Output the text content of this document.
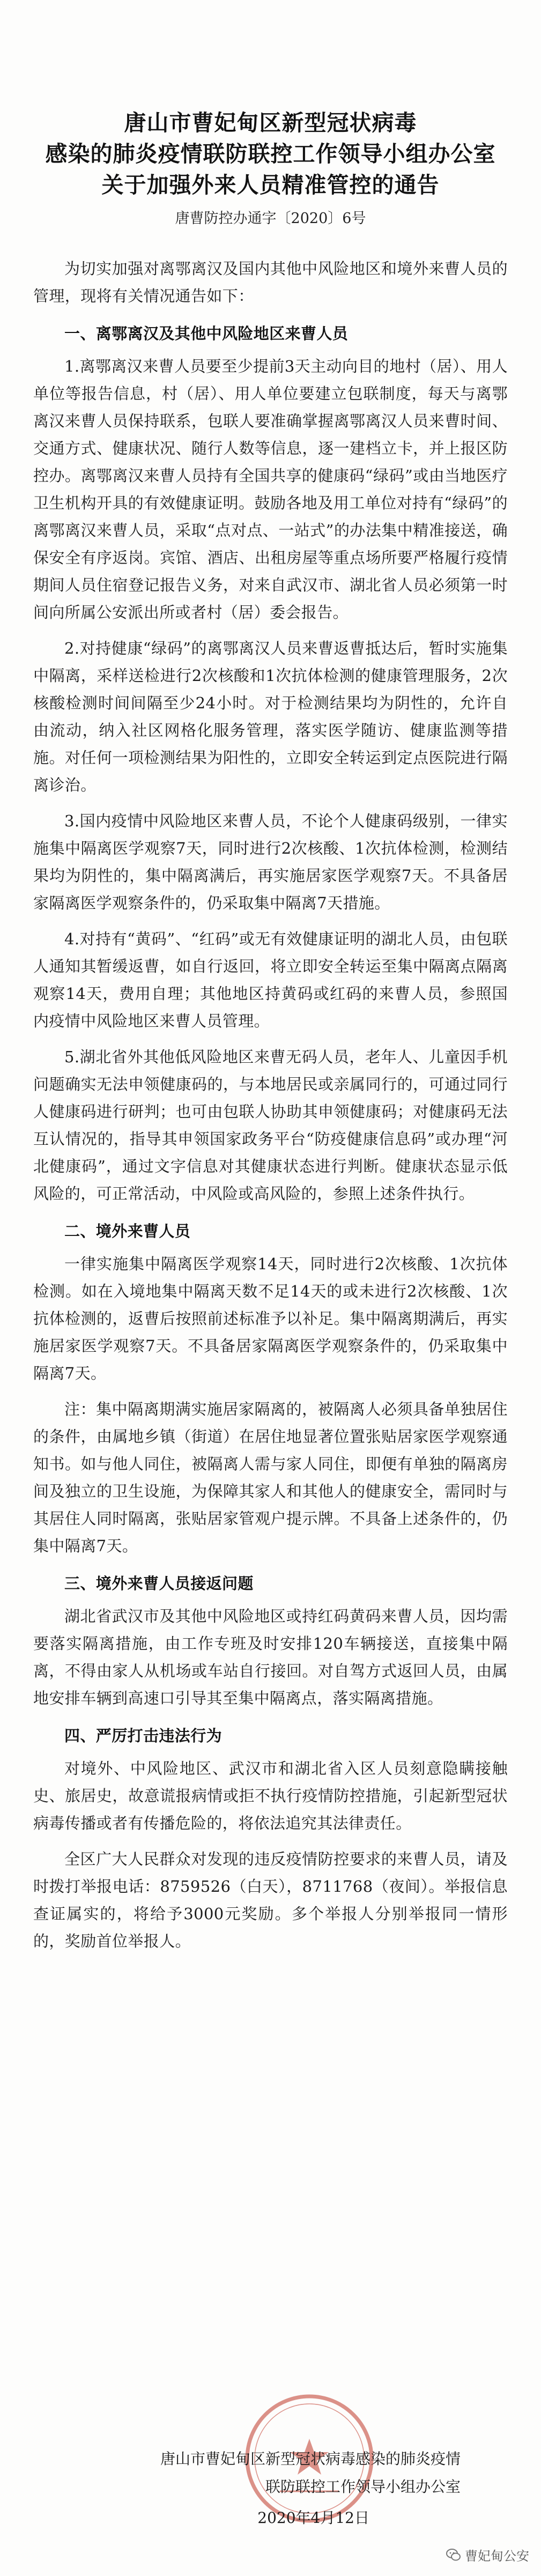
唐山市曹妃甸区新型冠状病毒
感染的肺炎疫情联防联控工作领导小组办公室
关于加强外来人员精准管控的通告
唐曹防控办通字〔2020〕6号

为切实加强对离鄂离汉及国内其他中风险地区和境外来曹人员的管理，现将有关情况通告如下：

一、离鄂离汉及其他中风险地区来曹人员

1.离鄂离汉来曹人员要至少提前3天主动向目的地村（居）、用人单位等报告信息，村（居）、用人单位要建立包联制度，每天与离鄂离汉来曹人员保持联系，包联人要准确掌握离鄂离汉人员来曹时间、交通方式、健康状况、随行人数等信息，逐一建档立卡，并上报区防控办。离鄂离汉来曹人员持有全国共享的健康码“绿码”或由当地医疗卫生机构开具的有效健康证明。鼓励各地及用工单位对持有“绿码”的离鄂离汉来曹人员，采取“点对点、一站式”的办法集中精准接送，确保安全有序返岗。宾馆、酒店、出租房屋等重点场所要严格履行疫情期间人员住宿登记报告义务，对来自武汉市、湖北省人员必须第一时间向所属公安派出所或者村（居）委会报告。

2.对持健康“绿码”的离鄂离汉人员来曹返曹抵达后，暂时实施集中隔离，采样送检进行2次核酸和1次抗体检测的健康管理服务，2次核酸检测时间间隔至少24小时。对于检测结果均为阴性的，允许自由流动，纳入社区网格化服务管理，落实医学随访、健康监测等措施。对任何一项检测结果为阳性的，立即安全转运到定点医院进行隔离诊治。

3.国内疫情中风险地区来曹人员，不论个人健康码级别，一律实施集中隔离医学观察7天，同时进行2次核酸、1次抗体检测，检测结果均为阴性的，集中隔离满后，再实施居家医学观察7天。不具备居家隔离医学观察条件的，仍采取集中隔离7天措施。

4.对持有“黄码”、“红码”或无有效健康证明的湖北人员，由包联人通知其暂缓返曹，如自行返回，将立即安全转运至集中隔离点隔离观察14天，费用自理；其他地区持黄码或红码的来曹人员，参照国内疫情中风险地区来曹人员管理。

5.湖北省外其他低风险地区来曹无码人员，老年人、儿童因手机问题确实无法申领健康码的，与本地居民或亲属同行的，可通过同行人健康码进行研判；也可由包联人协助其申领健康码；对健康码无法互认情况的，指导其申领国家政务平台“防疫健康信息码”或办理“河北健康码”，通过文字信息对其健康状态进行判断。健康状态显示低风险的，可正常活动，中风险或高风险的，参照上述条件执行。

二、境外来曹人员

一律实施集中隔离医学观察14天，同时进行2次核酸、1次抗体检测。如在入境地集中隔离天数不足14天的或未进行2次核酸、1次抗体检测的，返曹后按照前述标准予以补足。集中隔离期满后，再实施居家医学观察7天。不具备居家隔离医学观察条件的，仍采取集中隔离7天。

注：集中隔离期满实施居家隔离的，被隔离人必须具备单独居住的条件，由属地乡镇（街道）在居住地显著位置张贴居家医学观察通知书。如与他人同住，被隔离人需与家人同住，即便有单独的隔离房间及独立的卫生设施，为保障其家人和其他人的健康安全，需同时与其居住人同时隔离，张贴居家管观户提示牌。不具备上述条件的，仍集中隔离7天。

三、境外来曹人员接返问题

湖北省武汉市及其他中风险地区或持红码黄码来曹人员，因均需要落实隔离措施，由工作专班及时安排120车辆接送，直接集中隔离，不得由家人从机场或车站自行接回。对自驾方式返回人员，由属地安排车辆到高速口引导其至集中隔离点，落实隔离措施。

四、严厉打击违法行为

对境外、中风险地区、武汉市和湖北省入区人员刻意隐瞒接触史、旅居史，故意谎报病情或拒不执行疫情防控措施，引起新型冠状病毒传播或者有传播危险的，将依法追究其法律责任。

全区广大人民群众对发现的违反疫情防控要求的来曹人员，请及时拨打举报电话：8759526（白天），8711768（夜间）。举报信息查证属实的，将给予3000元奖励。多个举报人分别举报同一情形的，奖励首位举报人。

唐山市曹妃甸区新型冠状病毒感染的肺炎疫情
联防联控工作领导小组办公室
2020年4月12日
曹妃甸公安
